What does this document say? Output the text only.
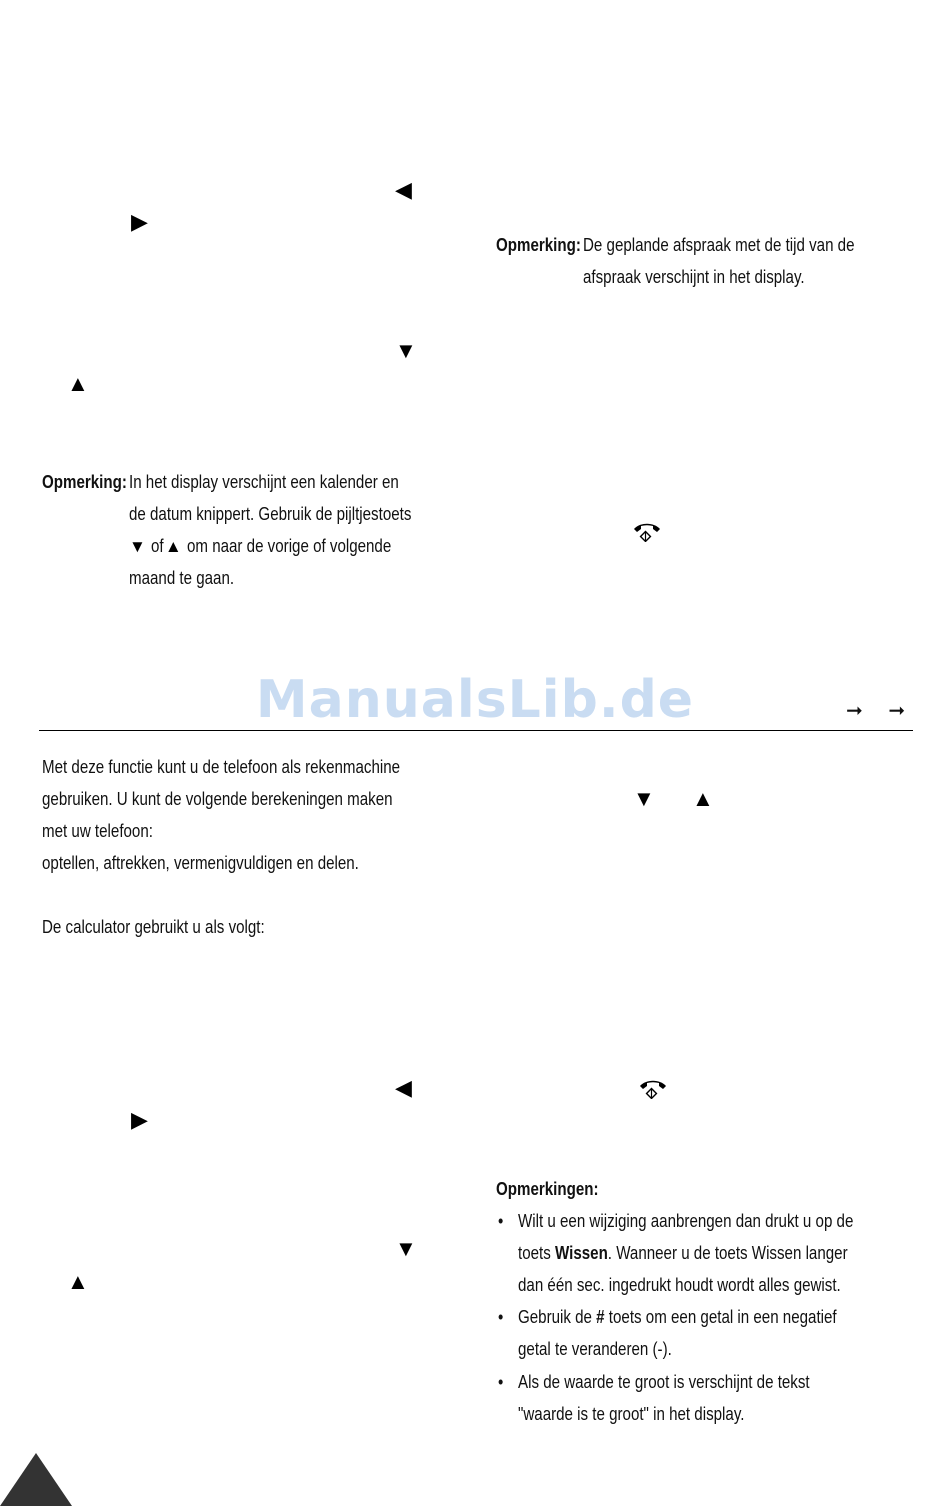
◀
▶
▼
▲
Opmerking: De geplande afspraak met de tijd van de
afspraak verschijnt in het display.
Opmerking: In het display verschijnt een kalender en
de datum knippert. Gebruik de pijltjestoets
▼ of ▲ om naar de vorige of volgende
maand te gaan.
ManualsLib.de	➞ ➞
Met deze functie kunt u de telefoon als rekenmachine
gebruiken. U kunt de volgende berekeningen maken
met uw telefoon:
optellen, aftrekken, vermenigvuldigen en delen.
De calculator gebruikt u als volgt:
▼ ▲
◀
▶
▼
▲
Opmerkingen:
• Wilt u een wijziging aanbrengen dan drukt u op de
toets Wissen. Wanneer u de toets Wissen langer
dan één sec. ingedrukt houdt wordt alles gewist.
• Gebruik de # toets om een getal in een negatief
getal te veranderen (-).
• Als de waarde te groot is verschijnt de tekst
"waarde is te groot" in het display.
